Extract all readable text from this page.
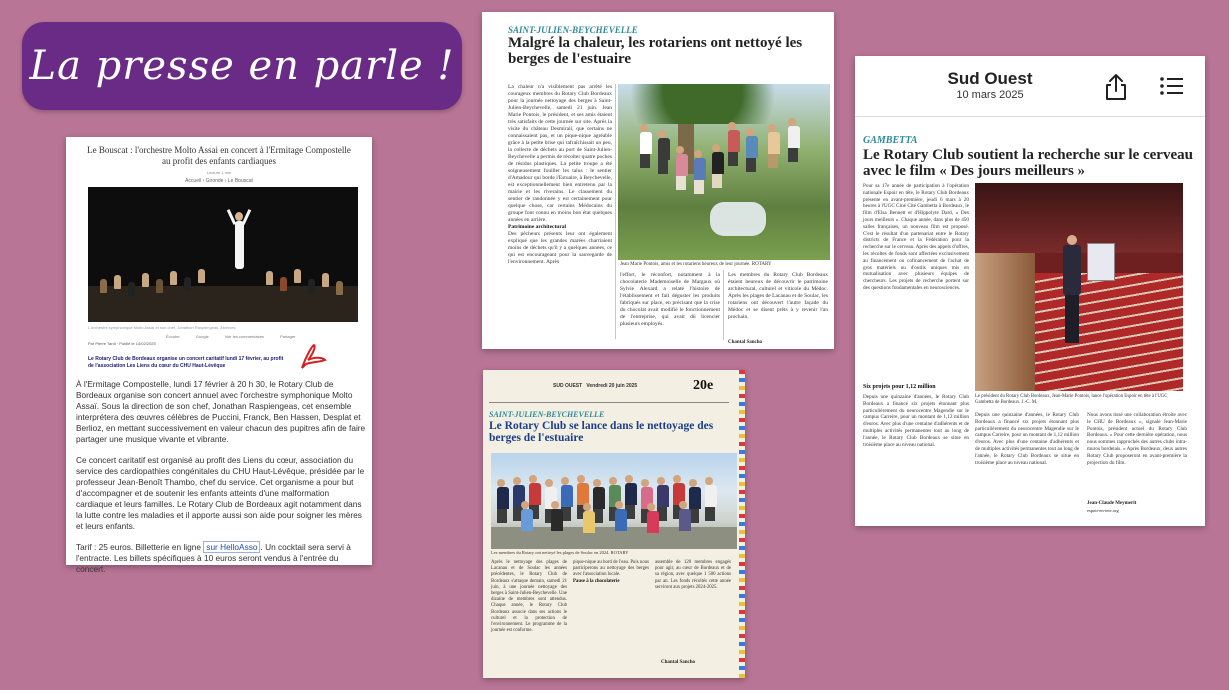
La presse en parle !
Le Bouscat : l'orchestre Molto Assai en concert à l'Ermitage Compostelle au profit des enfants cardiaques
Lecture 1 min
Accueil › Gironde › Le Bouscat
L'orchestre symphonique Molto Assaï et son chef, Jonathan Raspiengeas. Archives
Par Pierre Tardi · Publié le 14/02/2025
Écouter	Google	Voir les commentaires	Partager
Le Rotary Club de Bordeaux organise un concert caritatif lundi 17 février, au profit de l'association Les Liens du cœur du CHU Haut-Lévêque

À l'Ermitage Compostelle, lundi 17 février à 20 h 30, le Rotary Club de Bordeaux organise son concert annuel avec l'orchestre symphonique Molto Assaï. Sous la direction de son chef, Jonathan Raspiengeas, cet ensemble interprétera des œuvres célèbres de Puccini, Franck, Ben Hassen, Desplat et Berlioz, en mettant successivement en valeur chacun des pupitres afin de faire partager une musique vivante et vibrante.

Ce concert caritatif est organisé au profit des Liens du cœur, association du service des cardiopathies congénitales du CHU Haut-Lévêque, présidée par le professeur Jean-Benoît Thambo, chef du service. Cet organisme a pour but d'accompagner et de soutenir les enfants atteints d'une malformation cardiaque et leurs familles. Le Rotary Club de Bordeaux agit notamment dans la lutte contre les maladies et il apporte aussi son aide pour soigner les mères et leurs enfants.

Tarif : 25 euros. Billetterie en ligne sur HelloAsso . Un cocktail sera servi à l'entracte. Les billets spécifiques à 10 euros seront vendus à l'entrée du concert.

SAINT-JULIEN-BEYCHEVELLE
Malgré la chaleur, les rotariens ont nettoyé les berges de l'estuaire
La chaleur n'a visiblement pas arrêté les courageux membres du Rotary Club Bordeaux pour la journée nettoyage des berges à Saint-Julien-Beychevelle, samedi 21 juin. Jean Marie Pontois, le président, et ses amis étaient très satisfaits de cette journée sur site. Après la visite du château Desmirail, que certains ne connaissaient pas, et un pique-nique agréable grâce à la petite brise qui rafraîchissait un peu, la collecte de déchets au port de Saint-Julien-Beychevelle a permis de récolter quatre poches de résidus plastiques. La petite troupe a été soigneusement fouiller les talus : le sentier d'Amadour qui borde l'Estuaire, à Beychevelle, est exceptionnellement bien entretenu par la mairie et les riverains. Le classement du sentier de randonnée y est certainement pour quelque chose, car certains Médocains du groupe font connu en moins bon état quelques années en arrière.
Patrimoine architectural
Des pêcheurs présents leur ont également expliqué que les grandes marées charriaient moins de déchets qu'il y a quelques années, ce qui est encourageant pour la sauvegarde de l'environnement. Après	Jean Marie Pontois, amis et les rotariens heureux de leur journée. ROTARY
l'effort, le réconfort, notamment à la chocolaterie Mademoiselle de Margaux où Sylvie Alexard a relaté l'histoire de l'établissement et fait déguster les produits fabriqués sur place, en précisant que la crise du chocolat avait modifié le fonctionnement de l'entreprise, qui avait dû licencier plusieurs employés.
Les membres du Rotary Club Bordeaux étaient heureux de découvrir le patrimoine architectural, culturel et viticole du Médoc. Après les plages de Lacanau et de Soulac, les rotariens ont découvert l'autre façade du Médoc et se disent prêts à y revenir l'an prochain.
Chantal Sancho
SUD OUEST Vendredi 20 juin 2025	20e
SAINT-JULIEN-BEYCHEVELLE
Le Rotary Club se lance dans le nettoyage des berges de l'estuaire
Les membres du Rotary ont nettoyé les plages de Soulac en 2024. ROTARY
Après le nettoyage des plages de Lacanau et de Soulac les années précédentes, le Rotary Club de Bordeaux s'attaque demain, samedi 21 juin, à une journée nettoyage des berges à Saint-Julien-Beychevelle. Une dizaine de membres sont attendus. Chaque année, le Rotary Club Bordeaux associe dans ses actions le culturel et la protection de l'environnement. Le programme de la journée est conforme.
pique-nique au bord de l'eau. Puis nous participerons au nettoyage des berges avec l'association locale.
Pause à la chocolaterie
assemble de 120 membres engagés pour agir, au cœur de Bordeaux et de sa région, avec quelque 1 500 actions par an. Les fonds récoltés cette année serviront aux projets 2024-2025.
Chantal Sancho
Sud Ouest
10 mars 2025
GAMBETTA
Le Rotary Club soutient la recherche sur le cerveau avec le film « Des jours meilleurs »
Pour sa 17e année de participation à l'opération nationale Espoir en tête, le Rotary Club Bordeaux présente en avant-première, jeudi 6 mars à 20 heures à l'UGC Ciné Cité Gambetta à Bordeaux, le film d'Elsa Bennett et d'Hippolyte Dard, « Des jours meilleurs ». Chaque année, dans plus de 450 salles françaises, un nouveau film est proposé. C'est le résultat d'un partenariat entre le Rotary districts de France et la Fédération pour la recherche sur le cerveau. Après des appels d'offres, les récoltes de fonds sont affectées exclusivement au financement ou cofinancement de l'achat de gros matériels ou d'outils uniques mis en mutualisation avec plusieurs équipes de chercheurs. Les projets de recherche portent sur des questions fondamentales en neurosciences.
Le président du Rotary Club Bordeaux, Jean-Marie Pontois, lance l'opération Espoir en tête à l'UGC Gambetta de Bordeaux. J.-C. M.
Six projets pour 1,12 million
Depuis une quinzaine d'années, le Rotary Club Bordeaux a financé six projets étonnant plus particulièrement du neurocentre Magendie sur le campus Carreire, pour un montant de 1,12 million d'euros. Avec plus d'une centaine d'adhérents et de multiples activités permanentes tout au long de l'année, le Rotary Club Bordeaux se situe en troisième place au niveau national.
Depuis une quinzaine d'années, le Rotary Club Bordeaux a financé six projets étonnant plus particulièrement du neurocentre Magendie sur le campus Carreire, pour un montant de 1,12 million d'euros. Avec plus d'une centaine d'adhérents et de multiples activités permanentes tout au long de l'année, le Rotary Club Bordeaux se situe en troisième place au niveau national.
Nous avons tissé une collaboration étroite avec le CHU de Bordeaux », signale Jean-Marie Pontois, président actuel du Rotary Club Bordeaux. « Pour cette dernière opération, nous nous sommes rapprochés des autres clubs intra-muros bordelais. » Après Bordeaux, deux autres Rotary Club proposeront en avant-première la projection du film.
Jean-Claude Meymerit
espoir-en-tete.org
